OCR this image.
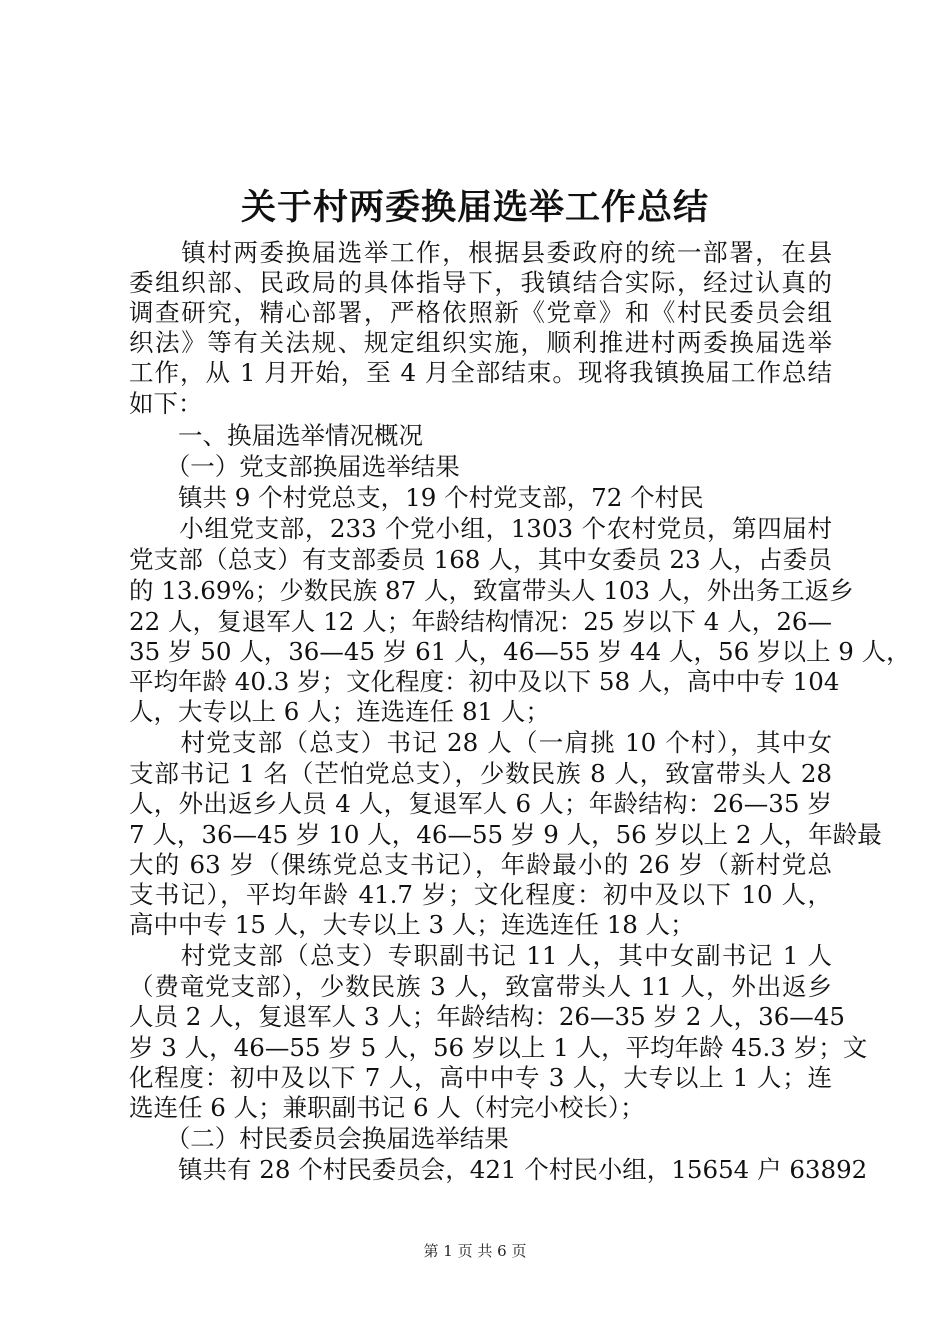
关于村两委换届选举工作总结
　　镇村两委换届选举工作，根据县委政府的统一部署，在县
委组织部、民政局的具体指导下，我镇结合实际，经过认真的
调查研究，精心部署，严格依照新《党章》和《村民委员会组
织法》等有关法规、规定组织实施，顺利推进村两委换届选举
工作，从 1 月开始，至 4 月全部结束。现将我镇换届工作总结
如下：
　　一、换届选举情况概况
　　（一）党支部换届选举结果
　　镇共 9 个村党总支，19 个村党支部，72 个村民
　　小组党支部，233 个党小组，1303 个农村党员，第四届村
党支部（总支）有支部委员 168 人，其中女委员 23 人，占委员
的 13.69%；少数民族 87 人，致富带头人 103 人，外出务工返乡
22 人，复退军人 12 人；年龄结构情况：25 岁以下 4 人，26—
35 岁 50 人，36—45 岁 61 人，46—55 岁 44 人，56 岁以上 9 人，
平均年龄 40.3 岁；文化程度：初中及以下 58 人，高中中专 104
人，大专以上 6 人；连选连任 81 人；
　　村党支部（总支）书记 28 人（一肩挑 10 个村），其中女
支部书记 1 名（芒怕党总支），少数民族 8 人，致富带头人 28
人，外出返乡人员 4 人，复退军人 6 人；年龄结构：26—35 岁
7 人，36—45 岁 10 人，46—55 岁 9 人，56 岁以上 2 人，年龄最
大的 63 岁（倮练党总支书记），年龄最小的 26 岁（新村党总
支书记），平均年龄 41.7 岁；文化程度：初中及以下 10 人，
高中中专 15 人，大专以上 3 人；连选连任 18 人；
　　村党支部（总支）专职副书记 11 人，其中女副书记 1 人
（费竜党支部），少数民族 3 人，致富带头人 11 人，外出返乡
人员 2 人，复退军人 3 人；年龄结构：26—35 岁 2 人，36—45
岁 3 人，46—55 岁 5 人，56 岁以上 1 人，平均年龄 45.3 岁；文
化程度：初中及以下 7 人，高中中专 3 人，大专以上 1 人；连
选连任 6 人；兼职副书记 6 人（村完小校长）；
　　（二）村民委员会换届选举结果
　　镇共有 28 个村民委员会，421 个村民小组，15654 户 63892
第 1 页 共 6 页
